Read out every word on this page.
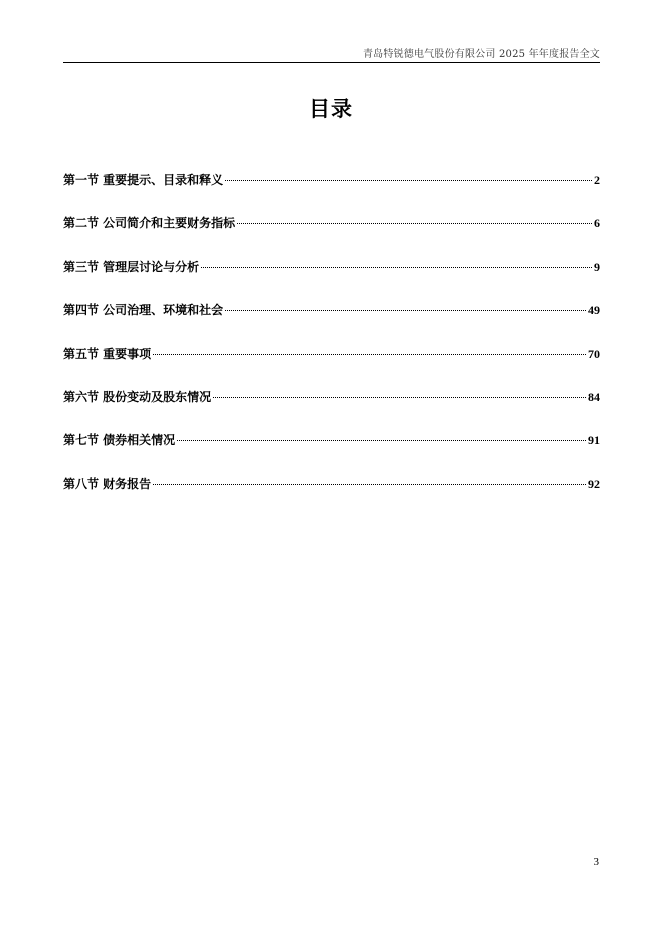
青岛特锐德电气股份有限公司 2025 年年度报告全文
目录
第一节 重要提示、目录和释义	2
第二节 公司简介和主要财务指标	6
第三节 管理层讨论与分析	9
第四节 公司治理、环境和社会	49
第五节 重要事项	70
第六节 股份变动及股东情况	84
第七节 债券相关情况	91
第八节 财务报告	92
3
